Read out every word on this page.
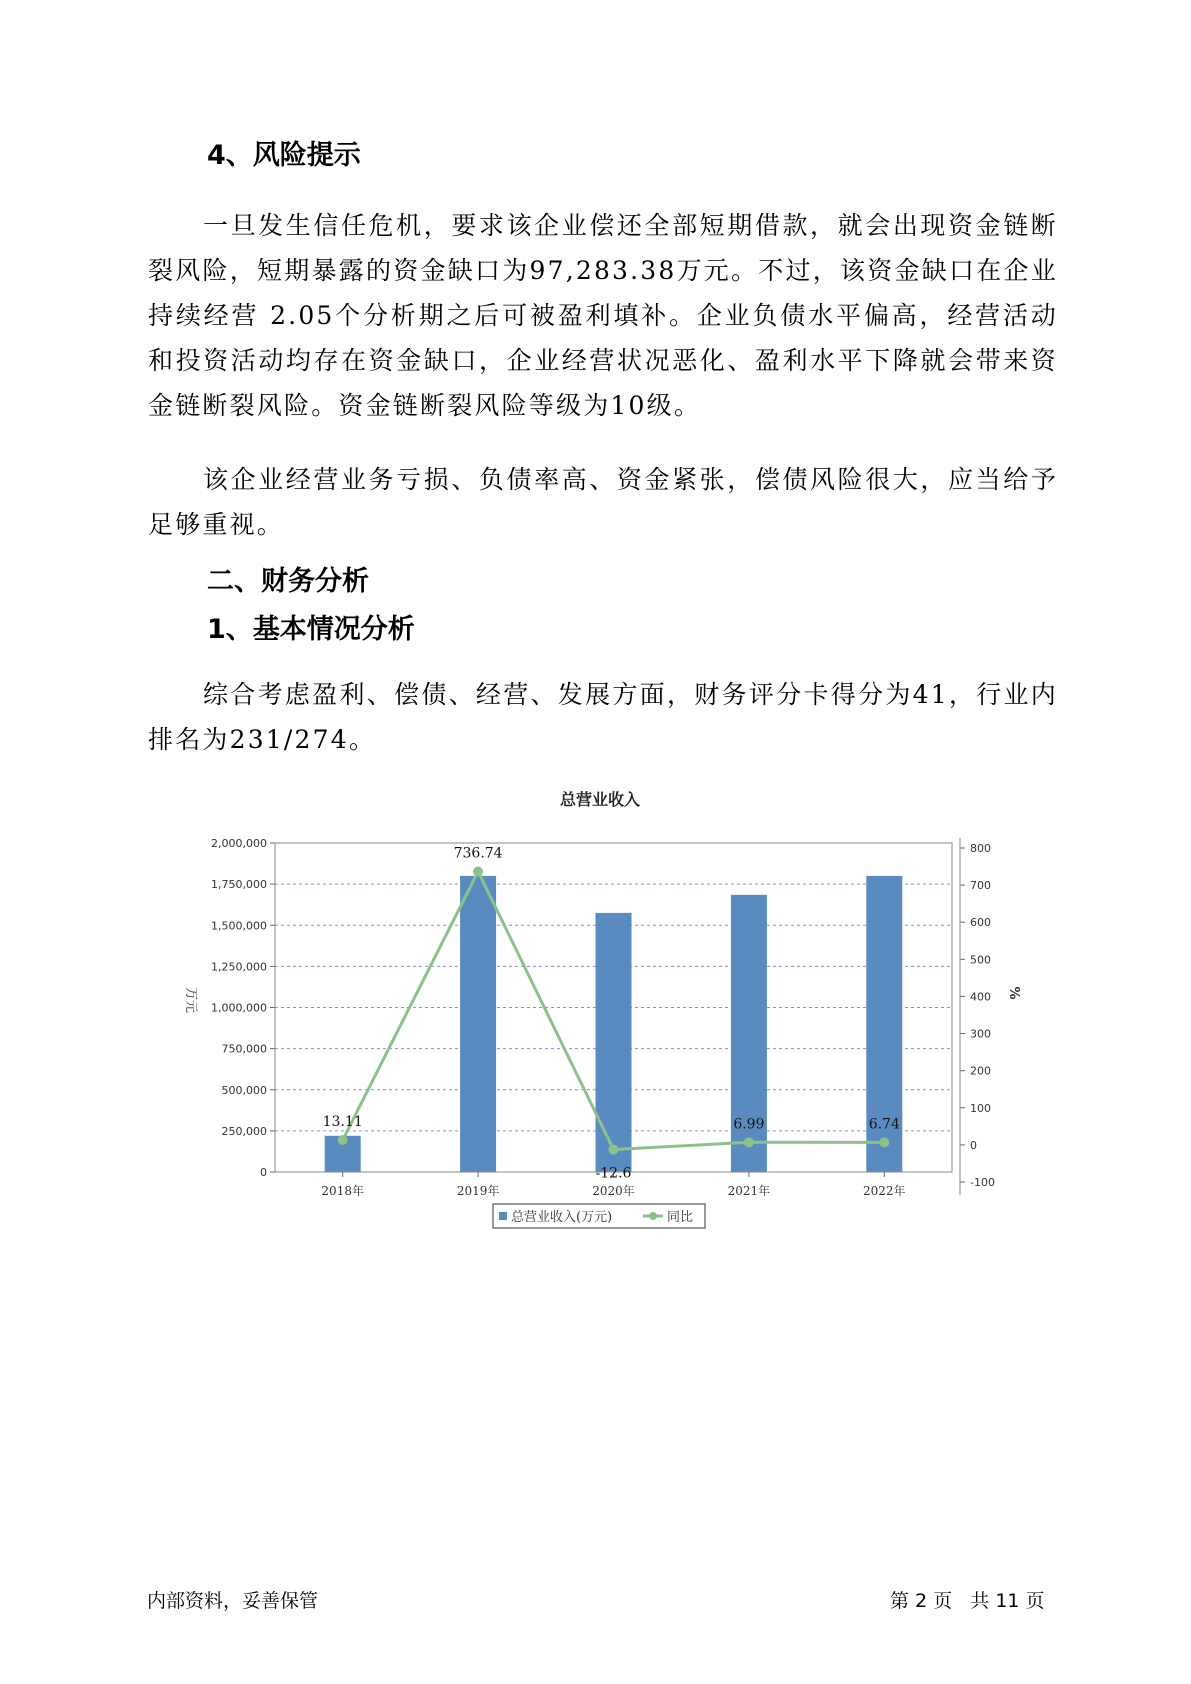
4、风险提示

一旦发生信任危机，要求该企业偿还全部短期借款，就会出现资金链断裂风险，短期暴露的资金缺口为97,283.38万元。不过，该资金缺口在企业持续经营 2.05个分析期之后可被盈利填补。企业负债水平偏高，经营活动和投资活动均存在资金缺口，企业经营状况恶化、盈利水平下降就会带来资金链断裂风险。资金链断裂风险等级为10级。

该企业经营业务亏损、负债率高、资金紧张，偿债风险很大，应当给予足够重视。

二、财务分析
1、基本情况分析

综合考虑盈利、偿债、经营、发展方面，财务评分卡得分为41，行业内排名为231/274。

总营业收入
0
250,000
500,000
750,000
1,000,000
1,250,000
1,500,000
1,750,000
2,000,000
-100
0
100
200
300
400
500
600
700
800
2018年	2019年	2020年	2021年	2022年
13.11
736.74
-12.6
6.99	6.74
万元	%
总营业收入(万元)	同比
内部资料，妥善保管	第 2 页   共 11 页
